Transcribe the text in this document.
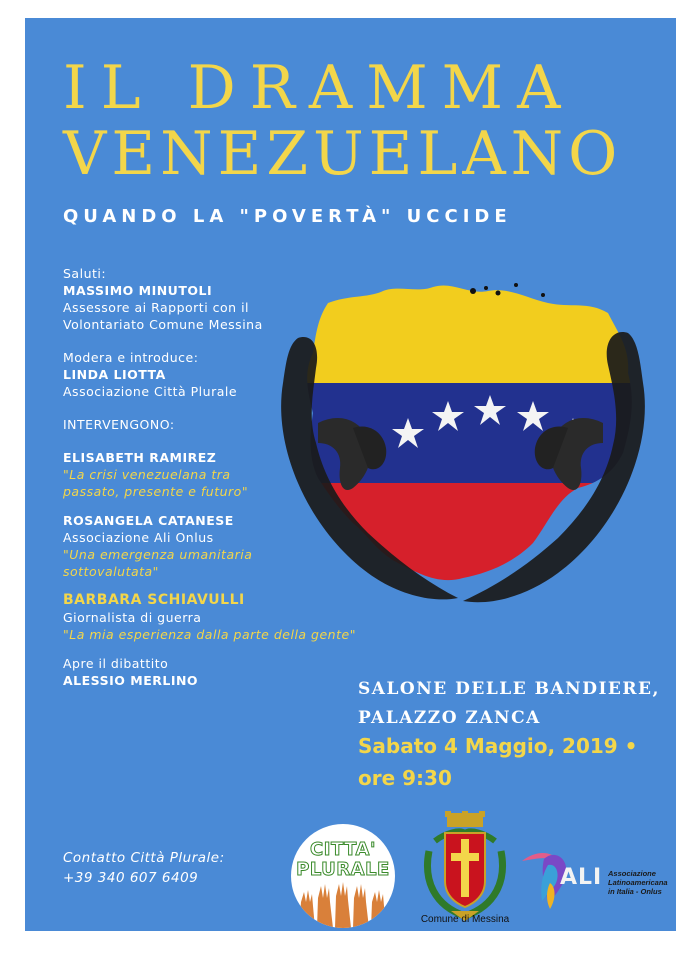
IL DRAMMA
VENEZUELANO
QUANDO LA "POVERTÀ" UCCIDE
Saluti:
MASSIMO MINUTOLI
Assessore ai Rapporti con il
Volontariato Comune Messina
Modera e introduce:
LINDA LIOTTA
Associazione Città Plurale
INTERVENGONO:
ELISABETH RAMIREZ
"La crisi venezuelana tra
passato, presente e futuro"
ROSANGELA CATANESE
Associazione Ali Onlus
"Una emergenza umanitaria
sottovalutata"
BARBARA SCHIAVULLI
Giornalista di guerra
"La mia esperienza dalla parte della gente"
Apre il dibattito
ALESSIO MERLINO	SALONE DELLE BANDIERE,
PALAZZO ZANCA
Sabato 4 Maggio, 2019 •
ore 9:30
Contatto Città Plurale:
+39 340 607 6409
CITTA'
PLURALE
Comune di Messina
ALI Associazione Latinoamericana in Italia - Onlus
